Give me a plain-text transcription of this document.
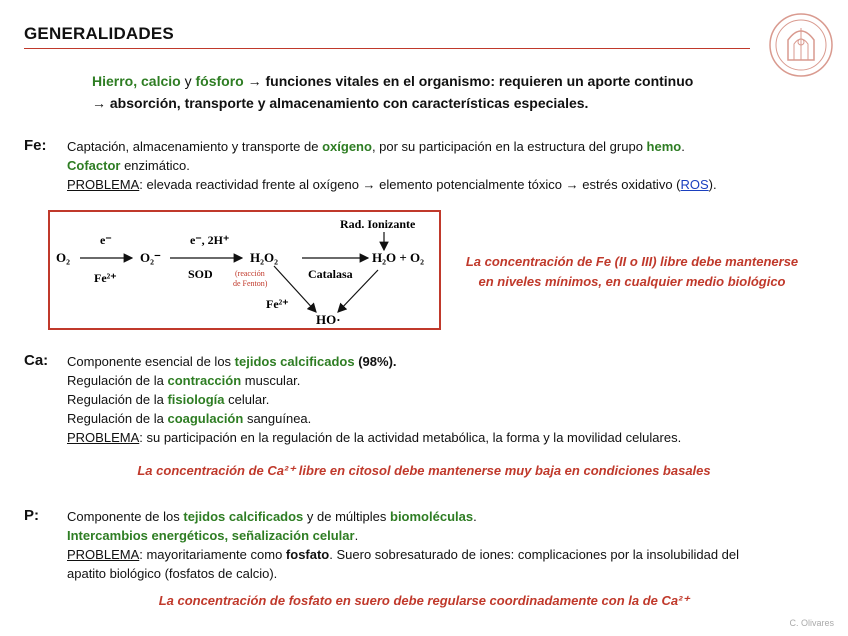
GENERALIDADES
Hierro, calcio y fósforo → funciones vitales en el organismo: requieren un aporte continuo
→ absorción, transporte y almacenamiento con características especiales.
Fe: Captación, almacenamiento y transporte de oxígeno, por su participación en la estructura del grupo hemo.
Cofactor enzimático.
PROBLEMA: elevada reactividad frente al oxígeno → elemento potencialmente tóxico → estrés oxidativo (ROS).
O₂
e⁻
Fe²⁺
O₂⁻
e⁻, 2H⁺
SOD
H₂O₂
(reacción
de Fenton)
Catalasa
Rad. Ionizante
H₂O + O₂
Fe²⁺
HO·
La concentración de Fe (II o III) libre debe mantenerse
en niveles mínimos, en cualquier medio biológico
Ca: Componente esencial de los tejidos calcificados (98%).
Regulación de la contracción muscular.
Regulación de la fisiología celular.
Regulación de la coagulación sanguínea.
PROBLEMA: su participación en la regulación de la actividad metabólica, la forma y la movilidad celulares.
La concentración de Ca²⁺ libre en citosol debe mantenerse muy baja en condiciones basales
P: Componente de los tejidos calcificados y de múltiples biomoléculas.
Intercambios energéticos, señalización celular.
PROBLEMA: mayoritariamente como fosfato. Suero sobresaturado de iones: complicaciones por la insolubilidad del
apatito biológico (fosfatos de calcio).
La concentración de fosfato en suero debe regularse coordinadamente con la de Ca²⁺
C. Olivares
